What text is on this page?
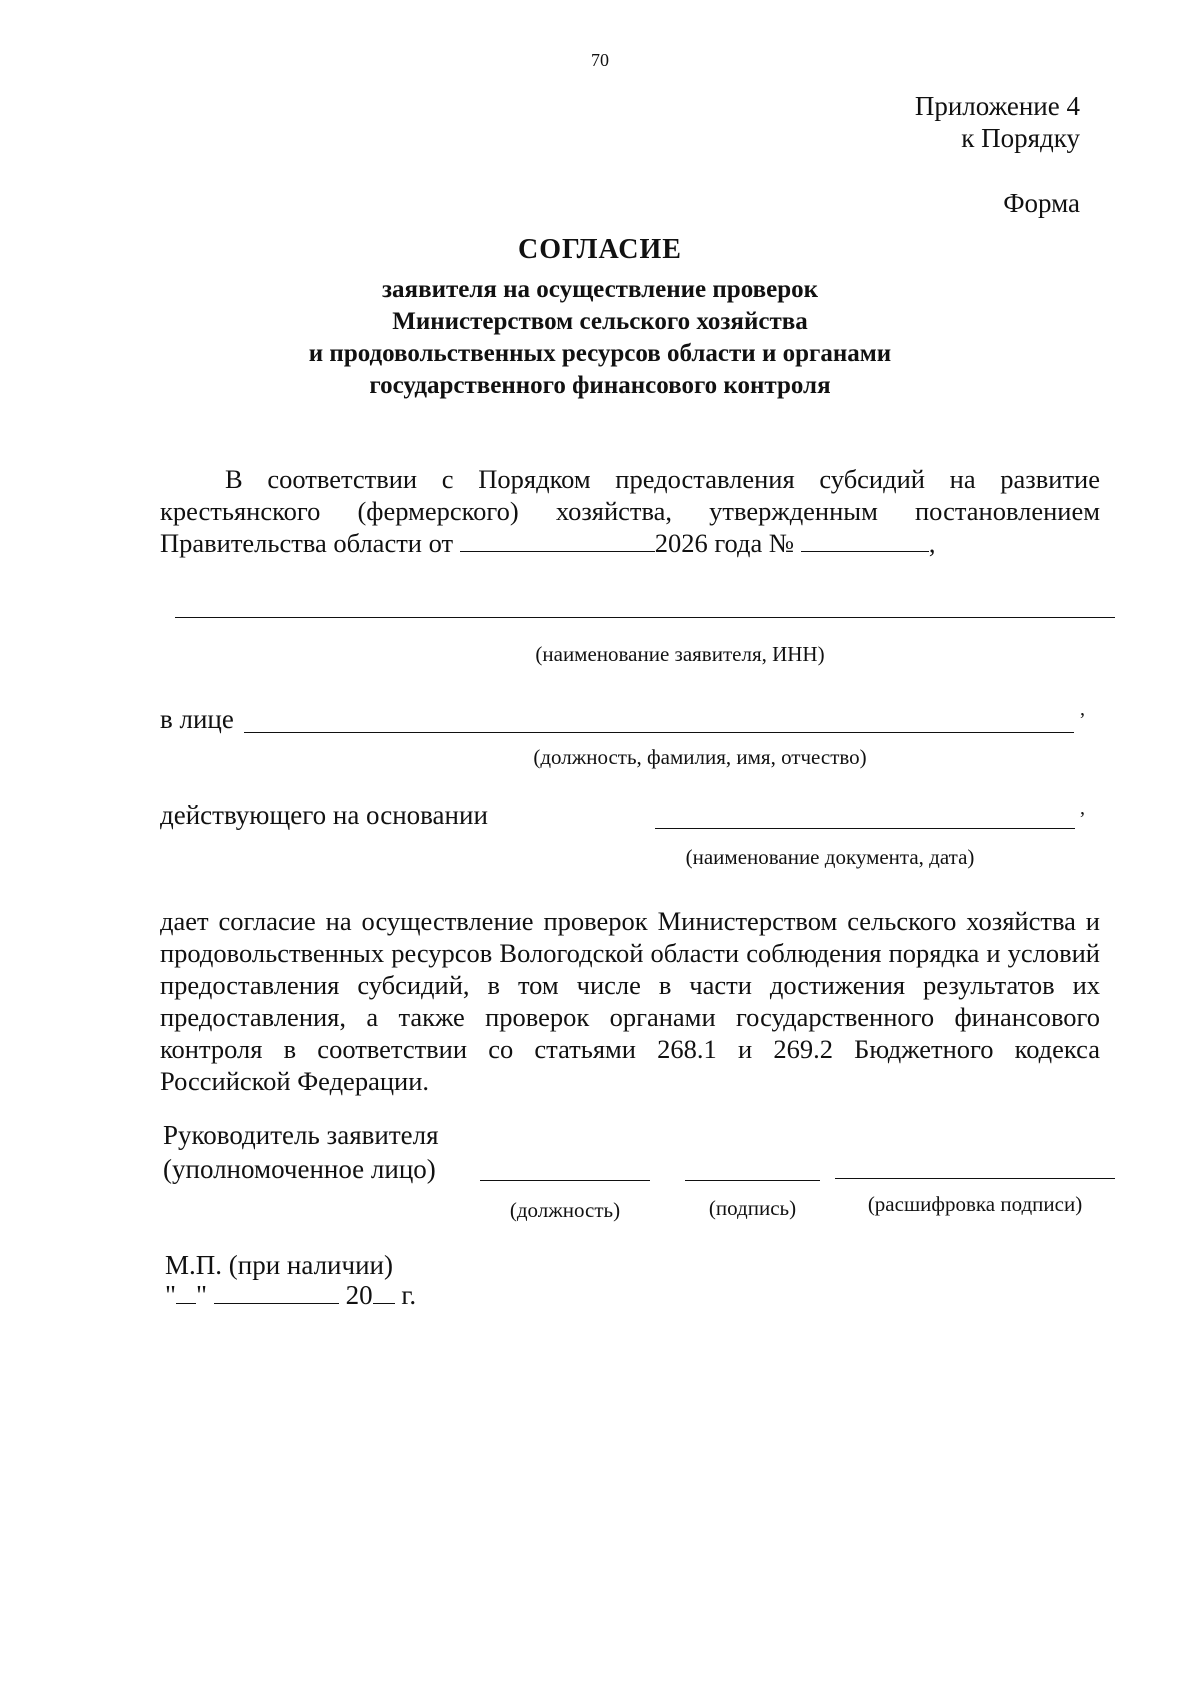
70
Приложение 4
к Порядку
Форма
СОГЛАСИЕ
заявителя на осуществление проверок
Министерством сельского хозяйства
и продовольственных ресурсов области и органами
государственного финансового контроля
В соответствии с Порядком предоставления субсидий на развитие крестьянского (фермерского) хозяйства, утвержденным постановлением Правительства области от	2026 года №	,
(наименование заявителя, ИНН)
в лице	,
(должность, фамилия, имя, отчество)
действующего на основании	,
(наименование документа, дата)
дает согласие на осуществление проверок Министерством сельского хозяйства и продовольственных ресурсов Вологодской области соблюдения порядка и условий предоставления субсидий, в том числе в части достижения результатов их предоставления, а также проверок органами государственного финансового контроля в соответствии со статьями 268.1 и 269.2 Бюджетного кодекса Российской Федерации.
Руководитель заявителя
(уполномоченное лицо)
(должность)	(подпись)	(расшифровка подписи)
М.П. (при наличии)
" "	20 г.
